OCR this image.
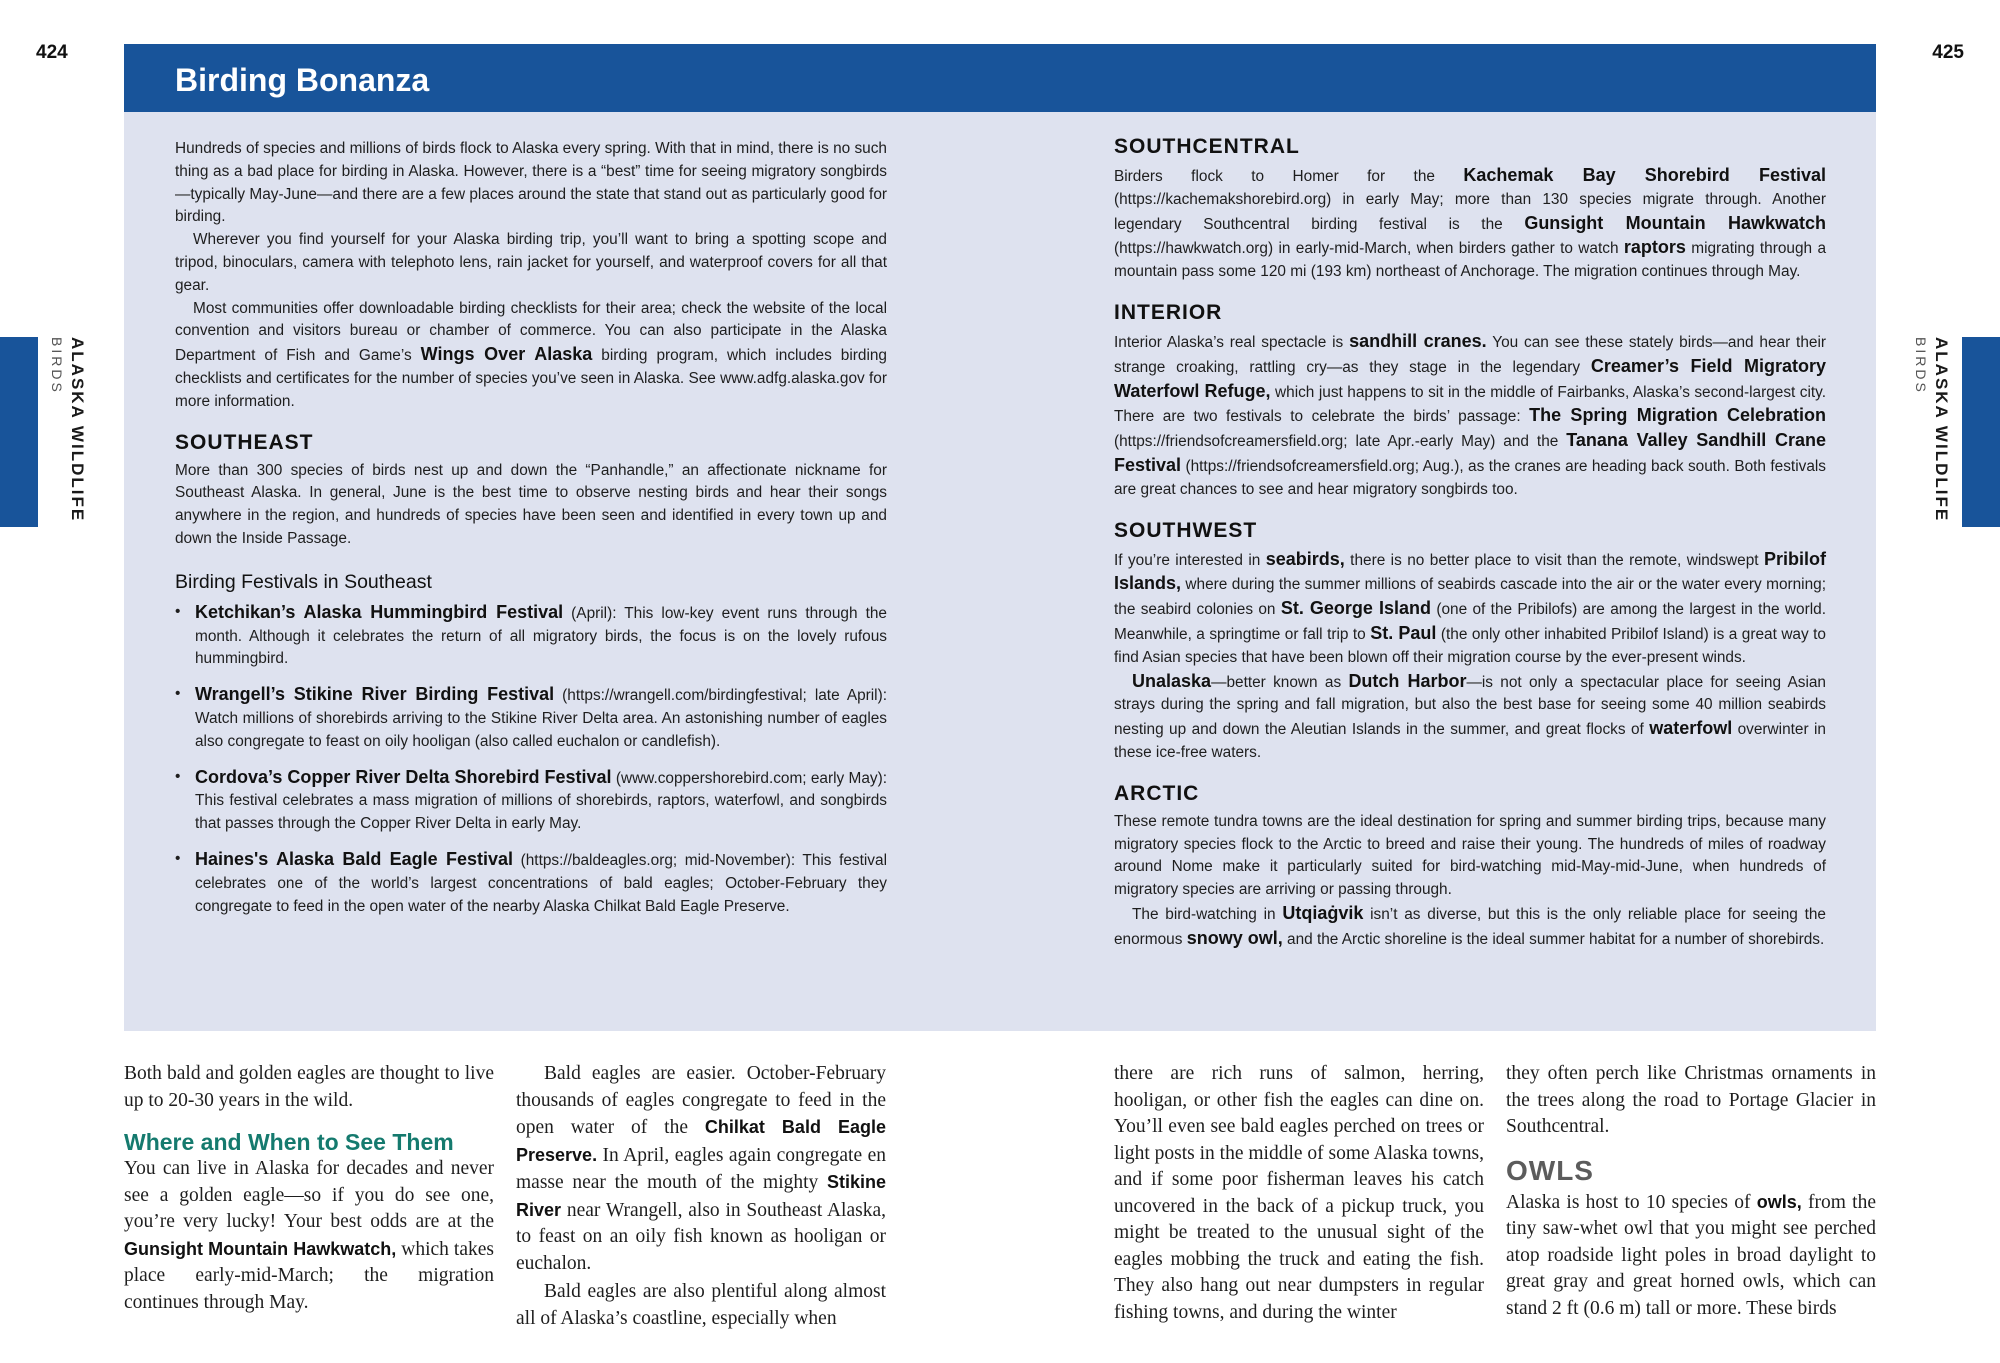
424	425
ALASKA WILDLIFE
BIRDS	ALASKA WILDLIFE
BIRDS
Birding Bonanza

Hundreds of species and millions of birds flock to Alaska every spring. With that in mind, there is no such thing as a bad place for birding in Alaska. However, there is a “best” time for seeing migratory songbirds—typically May-June—and there are a few places around the state that stand out as particularly good for birding.

Wherever you find yourself for your Alaska birding trip, you’ll want to bring a spotting scope and tripod, binoculars, camera with telephoto lens, rain jacket for yourself, and waterproof covers for all that gear.

Most communities offer downloadable birding checklists for their area; check the website of the local convention and visitors bureau or chamber of commerce. You can also participate in the Alaska Department of Fish and Game’s Wings Over Alaska birding program, which includes birding checklists and certificates for the number of species you’ve seen in Alaska. See www.adfg.alaska.gov for more information.

SOUTHEAST

More than 300 species of birds nest up and down the “Panhandle,” an affectionate nickname for Southeast Alaska. In general, June is the best time to observe nesting birds and hear their songs anywhere in the region, and hundreds of species have been seen and identified in every town up and down the Inside Passage.

Birding Festivals in Southeast
• Ketchikan’s Alaska Hummingbird Festival (April): This low-key event runs through the month. Although it celebrates the return of all migratory birds, the focus is on the lovely rufous hummingbird.
• Wrangell’s Stikine River Birding Festival (https://wrangell.com/birdingfestival; late April): Watch millions of shorebirds arriving to the Stikine River Delta area. An astonishing number of eagles also congregate to feast on oily hooligan (also called euchalon or candlefish).
• Cordova’s Copper River Delta Shorebird Festival (www.coppershorebird.com; early May): This festival celebrates a mass migration of millions of shorebirds, raptors, waterfowl, and songbirds that passes through the Copper River Delta in early May.
• Haines's Alaska Bald Eagle Festival (https://baldeagles.org; mid-November): This festival celebrates one of the world’s largest concentrations of bald eagles; October-February they congregate to feed in the open water of the nearby Alaska Chilkat Bald Eagle Preserve.
SOUTHCENTRAL

Birders flock to Homer for the Kachemak Bay Shorebird Festival (https://kachemakshorebird.org) in early May; more than 130 species migrate through. Another legendary Southcentral birding festival is the Gunsight Mountain Hawkwatch (https://hawkwatch.org) in early-mid-March, when birders gather to watch raptors migrating through a mountain pass some 120 mi (193 km) northeast of Anchorage. The migration continues through May.

INTERIOR

Interior Alaska’s real spectacle is sandhill cranes. You can see these stately birds—and hear their strange croaking, rattling cry—as they stage in the legendary Creamer’s Field Migratory Waterfowl Refuge, which just happens to sit in the middle of Fairbanks, Alaska’s second-largest city. There are two festivals to celebrate the birds’ passage: The Spring Migration Celebration (https://friendsofcreamersfield.org; late Apr.-early May) and the Tanana Valley Sandhill Crane Festival (https://friendsofcreamersfield.org; Aug.), as the cranes are heading back south. Both festivals are great chances to see and hear migratory songbirds too.

SOUTHWEST

If you’re interested in seabirds, there is no better place to visit than the remote, windswept Pribilof Islands, where during the summer millions of seabirds cascade into the air or the water every morning; the seabird colonies on St. George Island (one of the Pribilofs) are among the largest in the world. Meanwhile, a springtime or fall trip to St. Paul (the only other inhabited Pribilof Island) is a great way to find Asian species that have been blown off their migration course by the ever-present winds.

Unalaska—better known as Dutch Harbor—is not only a spectacular place for seeing Asian strays during the spring and fall migration, but also the best base for seeing some 40 million seabirds nesting up and down the Aleutian Islands in the summer, and great flocks of waterfowl overwinter in these ice-free waters.

ARCTIC

These remote tundra towns are the ideal destination for spring and summer birding trips, because many migratory species flock to the Arctic to breed and raise their young. The hundreds of miles of roadway around Nome make it particularly suited for bird-watching mid-May-mid-June, when hundreds of migratory species are arriving or passing through.

The bird-watching in Utqiaġvik isn’t as diverse, but this is the only reliable place for seeing the enormous snowy owl, and the Arctic shoreline is the ideal summer habitat for a number of shorebirds.

Both bald and golden eagles are thought to live up to 20-30 years in the wild.

Where and When to See Them

You can live in Alaska for decades and never see a golden eagle—so if you do see one, you’re very lucky! Your best odds are at the Gunsight Mountain Hawkwatch, which takes place early-mid-March; the migration continues through May.

Bald eagles are easier. October-February thousands of eagles congregate to feed in the open water of the Chilkat Bald Eagle Preserve. In April, eagles again congregate en masse near the mouth of the mighty Stikine River near Wrangell, also in Southeast Alaska, to feast on an oily fish known as hooligan or euchalon.

Bald eagles are also plentiful along almost all of Alaska’s coastline, especially when

there are rich runs of salmon, herring, hooligan, or other fish the eagles can dine on. You’ll even see bald eagles perched on trees or light posts in the middle of some Alaska towns, and if some poor fisherman leaves his catch uncovered in the back of a pickup truck, you might be treated to the unusual sight of the eagles mobbing the truck and eating the fish. They also hang out near dumpsters in regular fishing towns, and during the winter

they often perch like Christmas ornaments in the trees along the road to Portage Glacier in Southcentral.

OWLS

Alaska is host to 10 species of owls, from the tiny saw-whet owl that you might see perched atop roadside light poles in broad daylight to great gray and great horned owls, which can stand 2 ft (0.6 m) tall or more. These birds
